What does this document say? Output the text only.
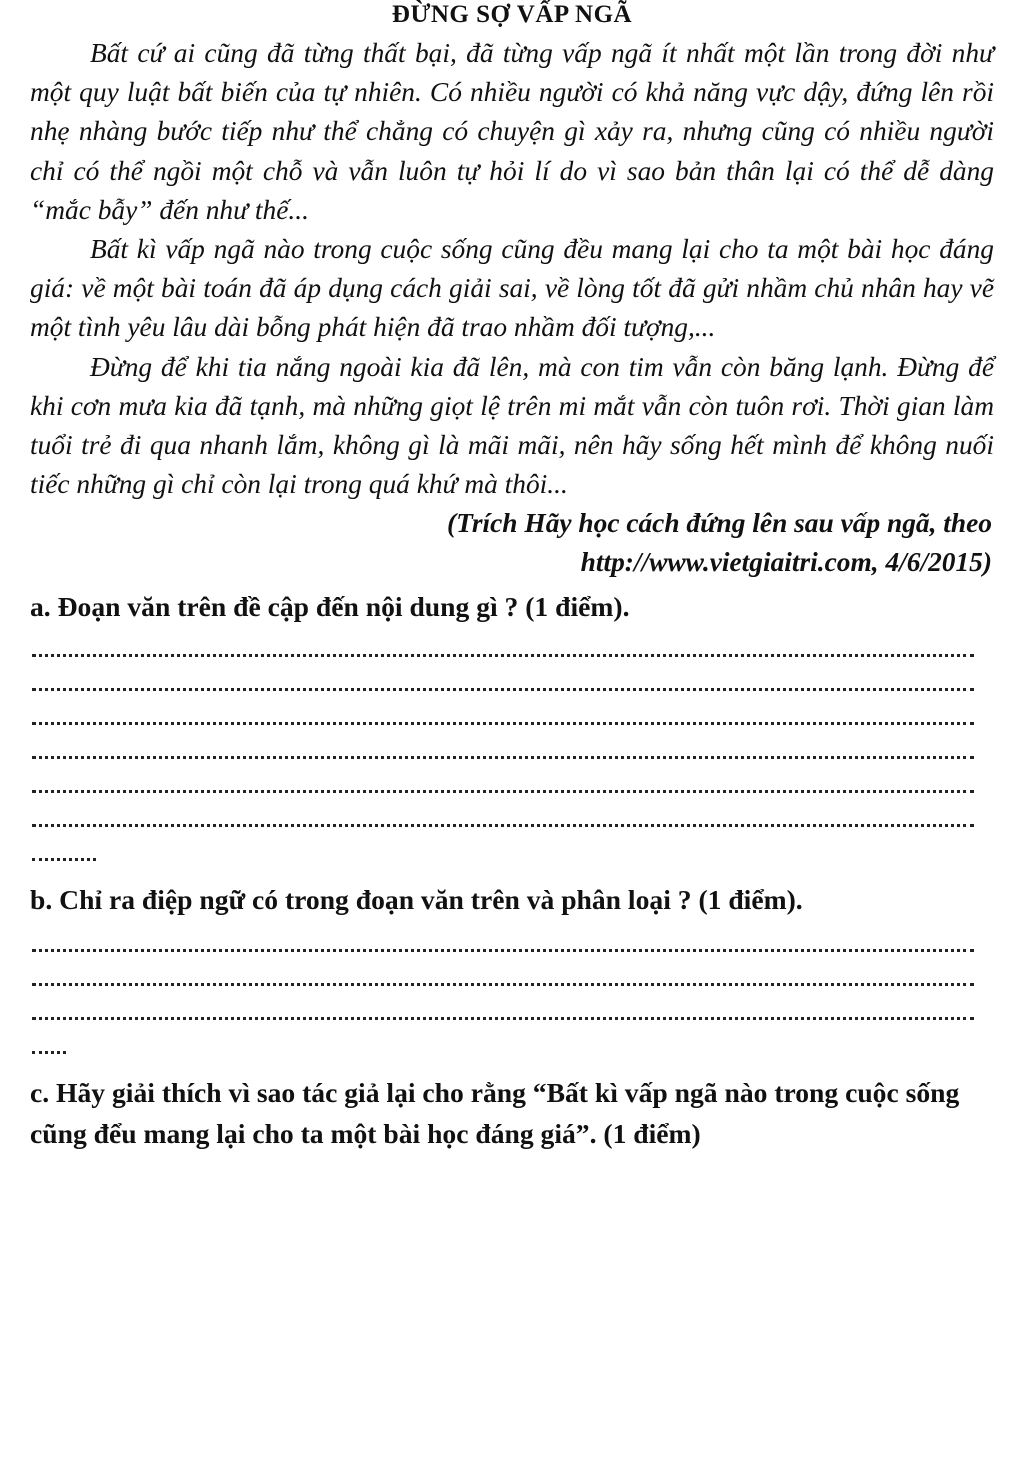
ĐỪNG SỢ VẤP NGÃ

Bất cứ ai cũng đã từng thất bại, đã từng vấp ngã ít nhất một lần trong đời như một quy luật bất biến của tự nhiên. Có nhiều người có khả năng vực dậy, đứng lên rồi nhẹ nhàng bước tiếp như thể chẳng có chuyện gì xảy ra, nhưng cũng có nhiều người chỉ có thể ngồi một chỗ và vẫn luôn tự hỏi lí do vì sao bản thân lại có thể dễ dàng “mắc bẫy” đến như thế...

Bất kì vấp ngã nào trong cuộc sống cũng đều mang lại cho ta một bài học đáng giá: về một bài toán đã áp dụng cách giải sai, về lòng tốt đã gửi nhầm chủ nhân hay vẽ một tình yêu lâu dài bỗng phát hiện đã trao nhầm đối tượng,...

Đừng để khi tia nắng ngoài kia đã lên, mà con tim vẫn còn băng lạnh. Đừng để khi cơn mưa kia đã tạnh, mà những giọt lệ trên mi mắt vẫn còn tuôn rơi. Thời gian làm tuổi trẻ đi qua nhanh lắm, không gì là mãi mãi, nên hãy sống hết mình để không nuối tiếc những gì chỉ còn lại trong quá khứ mà thôi...

(Trích Hãy học cách đứng lên sau vấp ngã, theo

http://www.vietgiaitri.com, 4/6/2015)

a. Đoạn văn trên đề cập đến nội dung gì ? (1 điểm).

b. Chỉ ra điệp ngữ có trong đoạn văn trên và phân loại ? (1 điểm).

c. Hãy giải thích vì sao tác giả lại cho rằng “Bất kì vấp ngã nào trong cuộc sống cũng đểu mang lại cho ta một bài học đáng giá”. (1 điểm)
